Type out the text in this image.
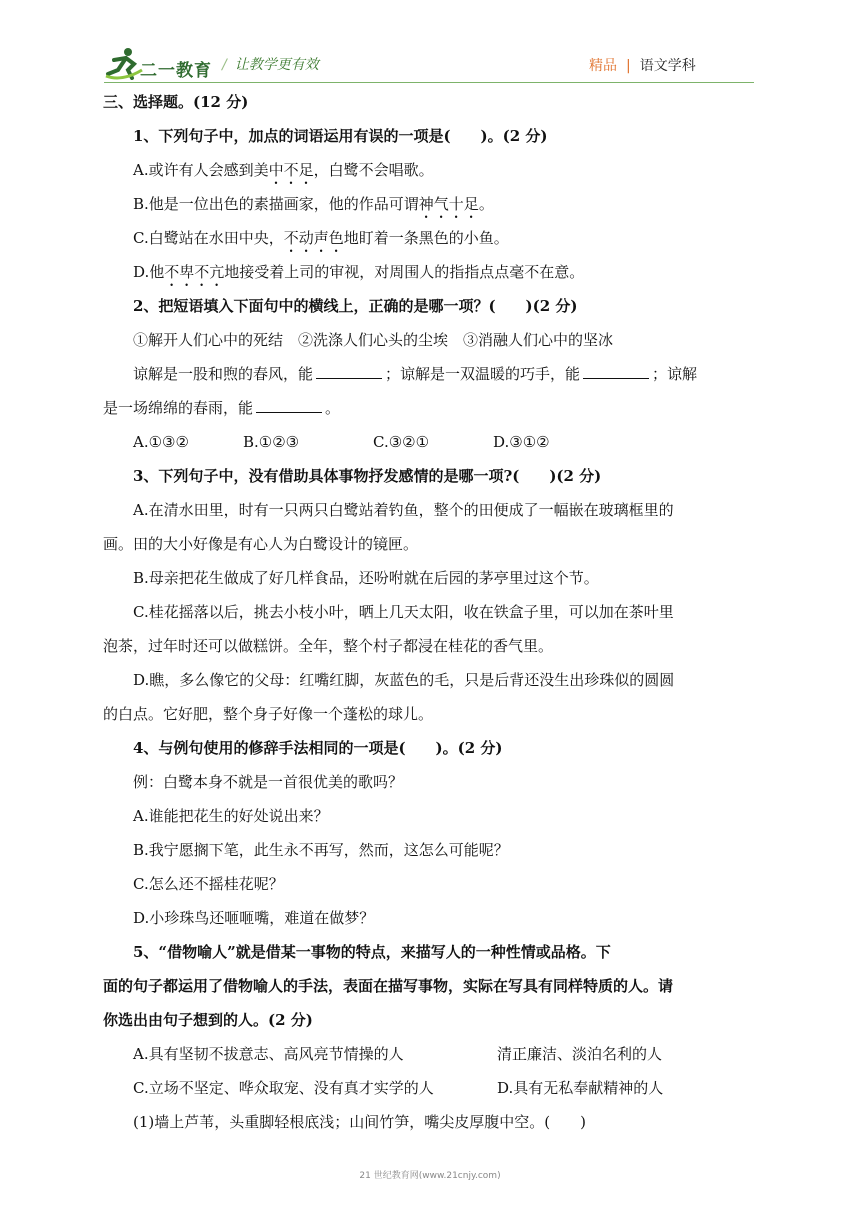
二一教育 / 让教学更有效	精品 | 语文学科
三、选择题。(12 分)
1、下列句子中，加点的词语运用有误的一项是(　　)。(2 分)
A.或许有人会感到美中不足，白鹭不会唱歌。
B.他是一位出色的素描画家，他的作品可谓神气十足。
C.白鹭站在水田中央，不动声色地盯着一条黑色的小鱼。
D.他不卑不亢地接受着上司的审视，对周围人的指指点点毫不在意。
2、把短语填入下面句中的横线上，正确的是哪一项？(　　)(2 分)
①解开人们心中的死结　②洗涤人们心头的尘埃　③消融人们心中的坚冰
谅解是一股和煦的春风，能	；谅解是一双温暖的巧手，能	；谅解
是一场绵绵的春雨，能	。
A.①③②	B.①②③	C.③②①	D.③①②
3、下列句子中，没有借助具体事物抒发感情的是哪一项?(　　)(2 分)
A.在清水田里，时有一只两只白鹭站着钓鱼，整个的田便成了一幅嵌在玻璃框里的
画。田的大小好像是有心人为白鹭设计的镜匣。
B.母亲把花生做成了好几样食品，还吩咐就在后园的茅亭里过这个节。
C.桂花摇落以后，挑去小枝小叶，晒上几天太阳，收在铁盒子里，可以加在茶叶里
泡茶，过年时还可以做糕饼。全年，整个村子都浸在桂花的香气里。
D.瞧，多么像它的父母：红嘴红脚，灰蓝色的毛，只是后背还没生出珍珠似的圆圆
的白点。它好肥，整个身子好像一个蓬松的球儿。
4、与例句使用的修辞手法相同的一项是(　　)。(2 分)
例：白鹭本身不就是一首很优美的歌吗？
A.谁能把花生的好处说出来？
B.我宁愿搁下笔，此生永不再写，然而，这怎么可能呢？
C.怎么还不摇桂花呢？
D.小珍珠鸟还咂咂嘴，难道在做梦？
5、“借物喻人”就是借某一事物的特点，来描写人的一种性情或品格。下
面的句子都运用了借物喻人的手法，表面在描写事物，实际在写具有同样特质的人。请
你选出由句子想到的人。(2 分)
A.具有坚韧不拔意志、高风亮节情操的人	清正廉洁、淡泊名利的人
C.立场不坚定、哗众取宠、没有真才实学的人	D.具有无私奉献精神的人
(1)墙上芦苇，头重脚轻根底浅；山间竹笋，嘴尖皮厚腹中空。(　　)
21 世纪教育网(www.21cnjy.com)
